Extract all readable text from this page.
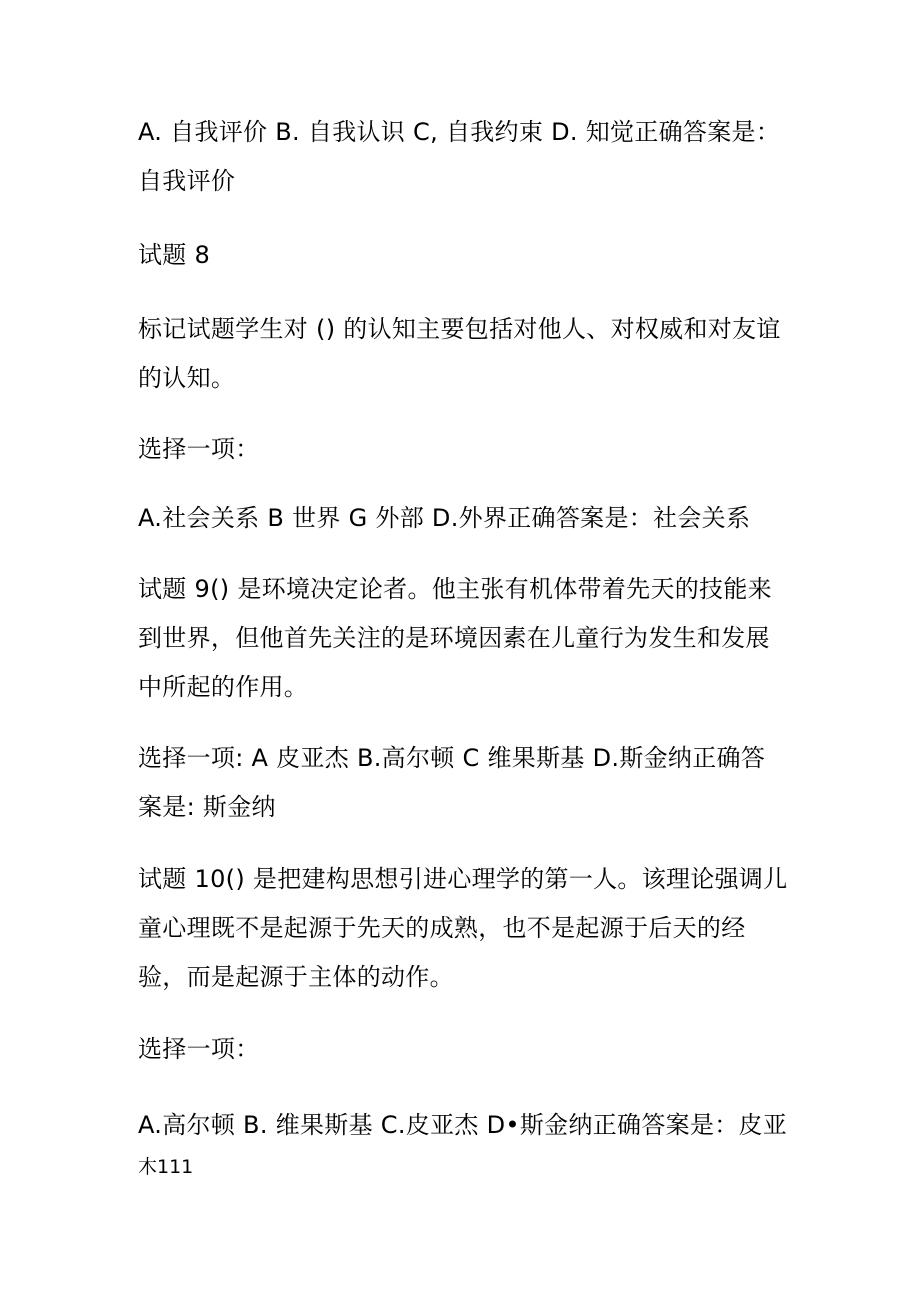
A. 自我评价 B. 自我认识 C, 自我约束 D. 知觉正确答案是：自我评价

试题 8

标记试题学生对 () 的认知主要包括对他人、对权威和对友谊的认知。

选择一项：

A.社会关系 B 世界 G 外部 D.外界正确答案是：社会关系

试题 9() 是环境决定论者。他主张有机体带着先天的技能来到世界，但他首先关注的是环境因素在儿童行为发生和发展中所起的作用。

选择一项: A 皮亚杰 B.高尔顿 C 维果斯基 D.斯金纳正确答案是: 斯金纳

试题 10() 是把建构思想引进心理学的第一人。该理论强调儿童心理既不是起源于先天的成熟，也不是起源于后天的经验，而是起源于主体的动作。

选择一项：

A.高尔顿 B. 维果斯基 C.皮亚杰 D•斯金纳正确答案是：皮亚

木111
